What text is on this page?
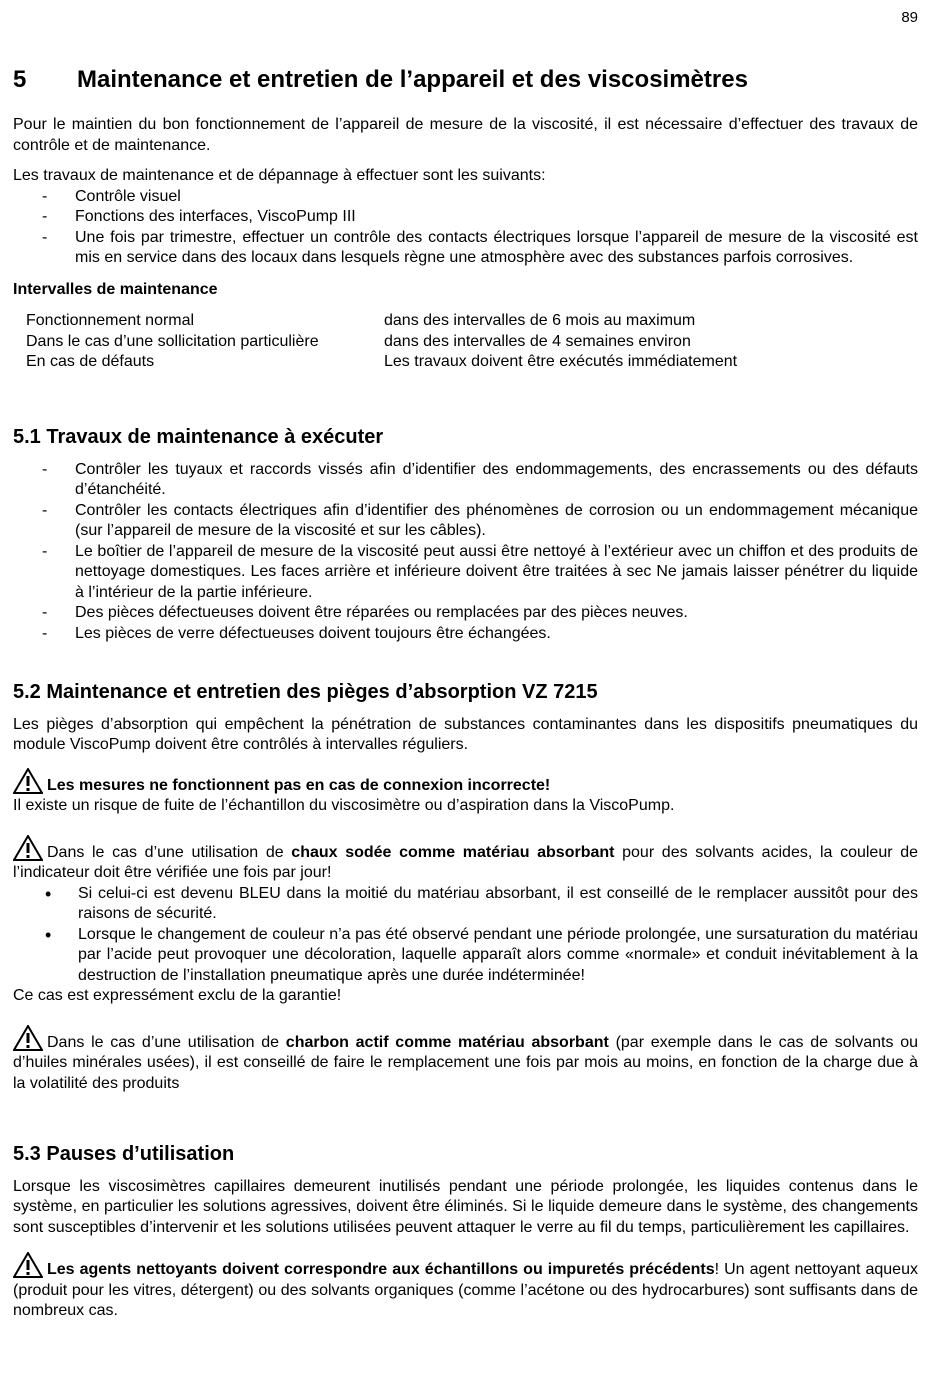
89
5 Maintenance et entretien de l’appareil et des viscosimètres

Pour le maintien du bon fonctionnement de l’appareil de mesure de la viscosité, il est nécessaire d’effectuer des travaux de contrôle et de maintenance.

Les travaux de maintenance et de dépannage à effectuer sont les suivants:

- Contrôle visuel
- Fonctions des interfaces, ViscoPump III
- Une fois par trimestre, effectuer un contrôle des contacts électriques lorsque l’appareil de mesure de la viscosité est mis en service dans des locaux dans lesquels règne une atmosphère avec des substances parfois corrosives.
Intervalles de maintenance
Fonctionnement normal	dans des intervalles de 6 mois au maximum
Dans le cas d’une sollicitation particulière	dans des intervalles de 4 semaines environ
En cas de défauts	Les travaux doivent être exécutés immédiatement
5.1 Travaux de maintenance à exécuter
- Contrôler les tuyaux et raccords vissés afin d’identifier des endommagements, des encrassements ou des défauts d’étanchéité.
- Contrôler les contacts électriques afin d’identifier des phénomènes de corrosion ou un endommagement mécanique (sur l’appareil de mesure de la viscosité et sur les câbles).
- Le boîtier de l’appareil de mesure de la viscosité peut aussi être nettoyé à l’extérieur avec un chiffon et des produits de nettoyage domestiques. Les faces arrière et inférieure doivent être traitées à sec Ne jamais laisser pénétrer du liquide à l’intérieur de la partie inférieure.
- Des pièces défectueuses doivent être réparées ou remplacées par des pièces neuves.
- Les pièces de verre défectueuses doivent toujours être échangées.
5.2 Maintenance et entretien des pièges d’absorption VZ 7215

Les pièges d’absorption qui empêchent la pénétration de substances contaminantes dans les dispositifs pneumatiques du module ViscoPump doivent être contrôlés à intervalles réguliers.

Les mesures ne fonctionnent pas en cas de connexion incorrecte!

Il existe un risque de fuite de l’échantillon du viscosimètre ou d’aspiration dans la ViscoPump.

Dans le cas d’une utilisation de chaux sodée comme matériau absorbant pour des solvants acides, la couleur de l’indicateur doit être vérifiée une fois par jour!

• Si celui-ci est devenu BLEU dans la moitié du matériau absorbant, il est conseillé de le remplacer aussitôt pour des raisons de sécurité.
• Lorsque le changement de couleur n’a pas été observé pendant une période prolongée, une sursaturation du matériau par l’acide peut provoquer une décoloration, laquelle apparaît alors comme «normale» et conduit inévitablement à la destruction de l’installation pneumatique après une durée indéterminée!

Ce cas est expressément exclu de la garantie!

Dans le cas d’une utilisation de charbon actif comme matériau absorbant (par exemple dans le cas de solvants ou d’huiles minérales usées), il est conseillé de faire le remplacement une fois par mois au moins, en fonction de la charge due à la volatilité des produits

5.3 Pauses d’utilisation

Lorsque les viscosimètres capillaires demeurent inutilisés pendant une période prolongée, les liquides contenus dans le système, en particulier les solutions agressives, doivent être éliminés. Si le liquide demeure dans le système, des changements sont susceptibles d’intervenir et les solutions utilisées peuvent attaquer le verre au fil du temps, particulièrement les capillaires.

Les agents nettoyants doivent correspondre aux échantillons ou impuretés précédents! Un agent nettoyant aqueux (produit pour les vitres, détergent) ou des solvants organiques (comme l’acétone ou des hydrocarbures) sont suffisants dans de nombreux cas.
